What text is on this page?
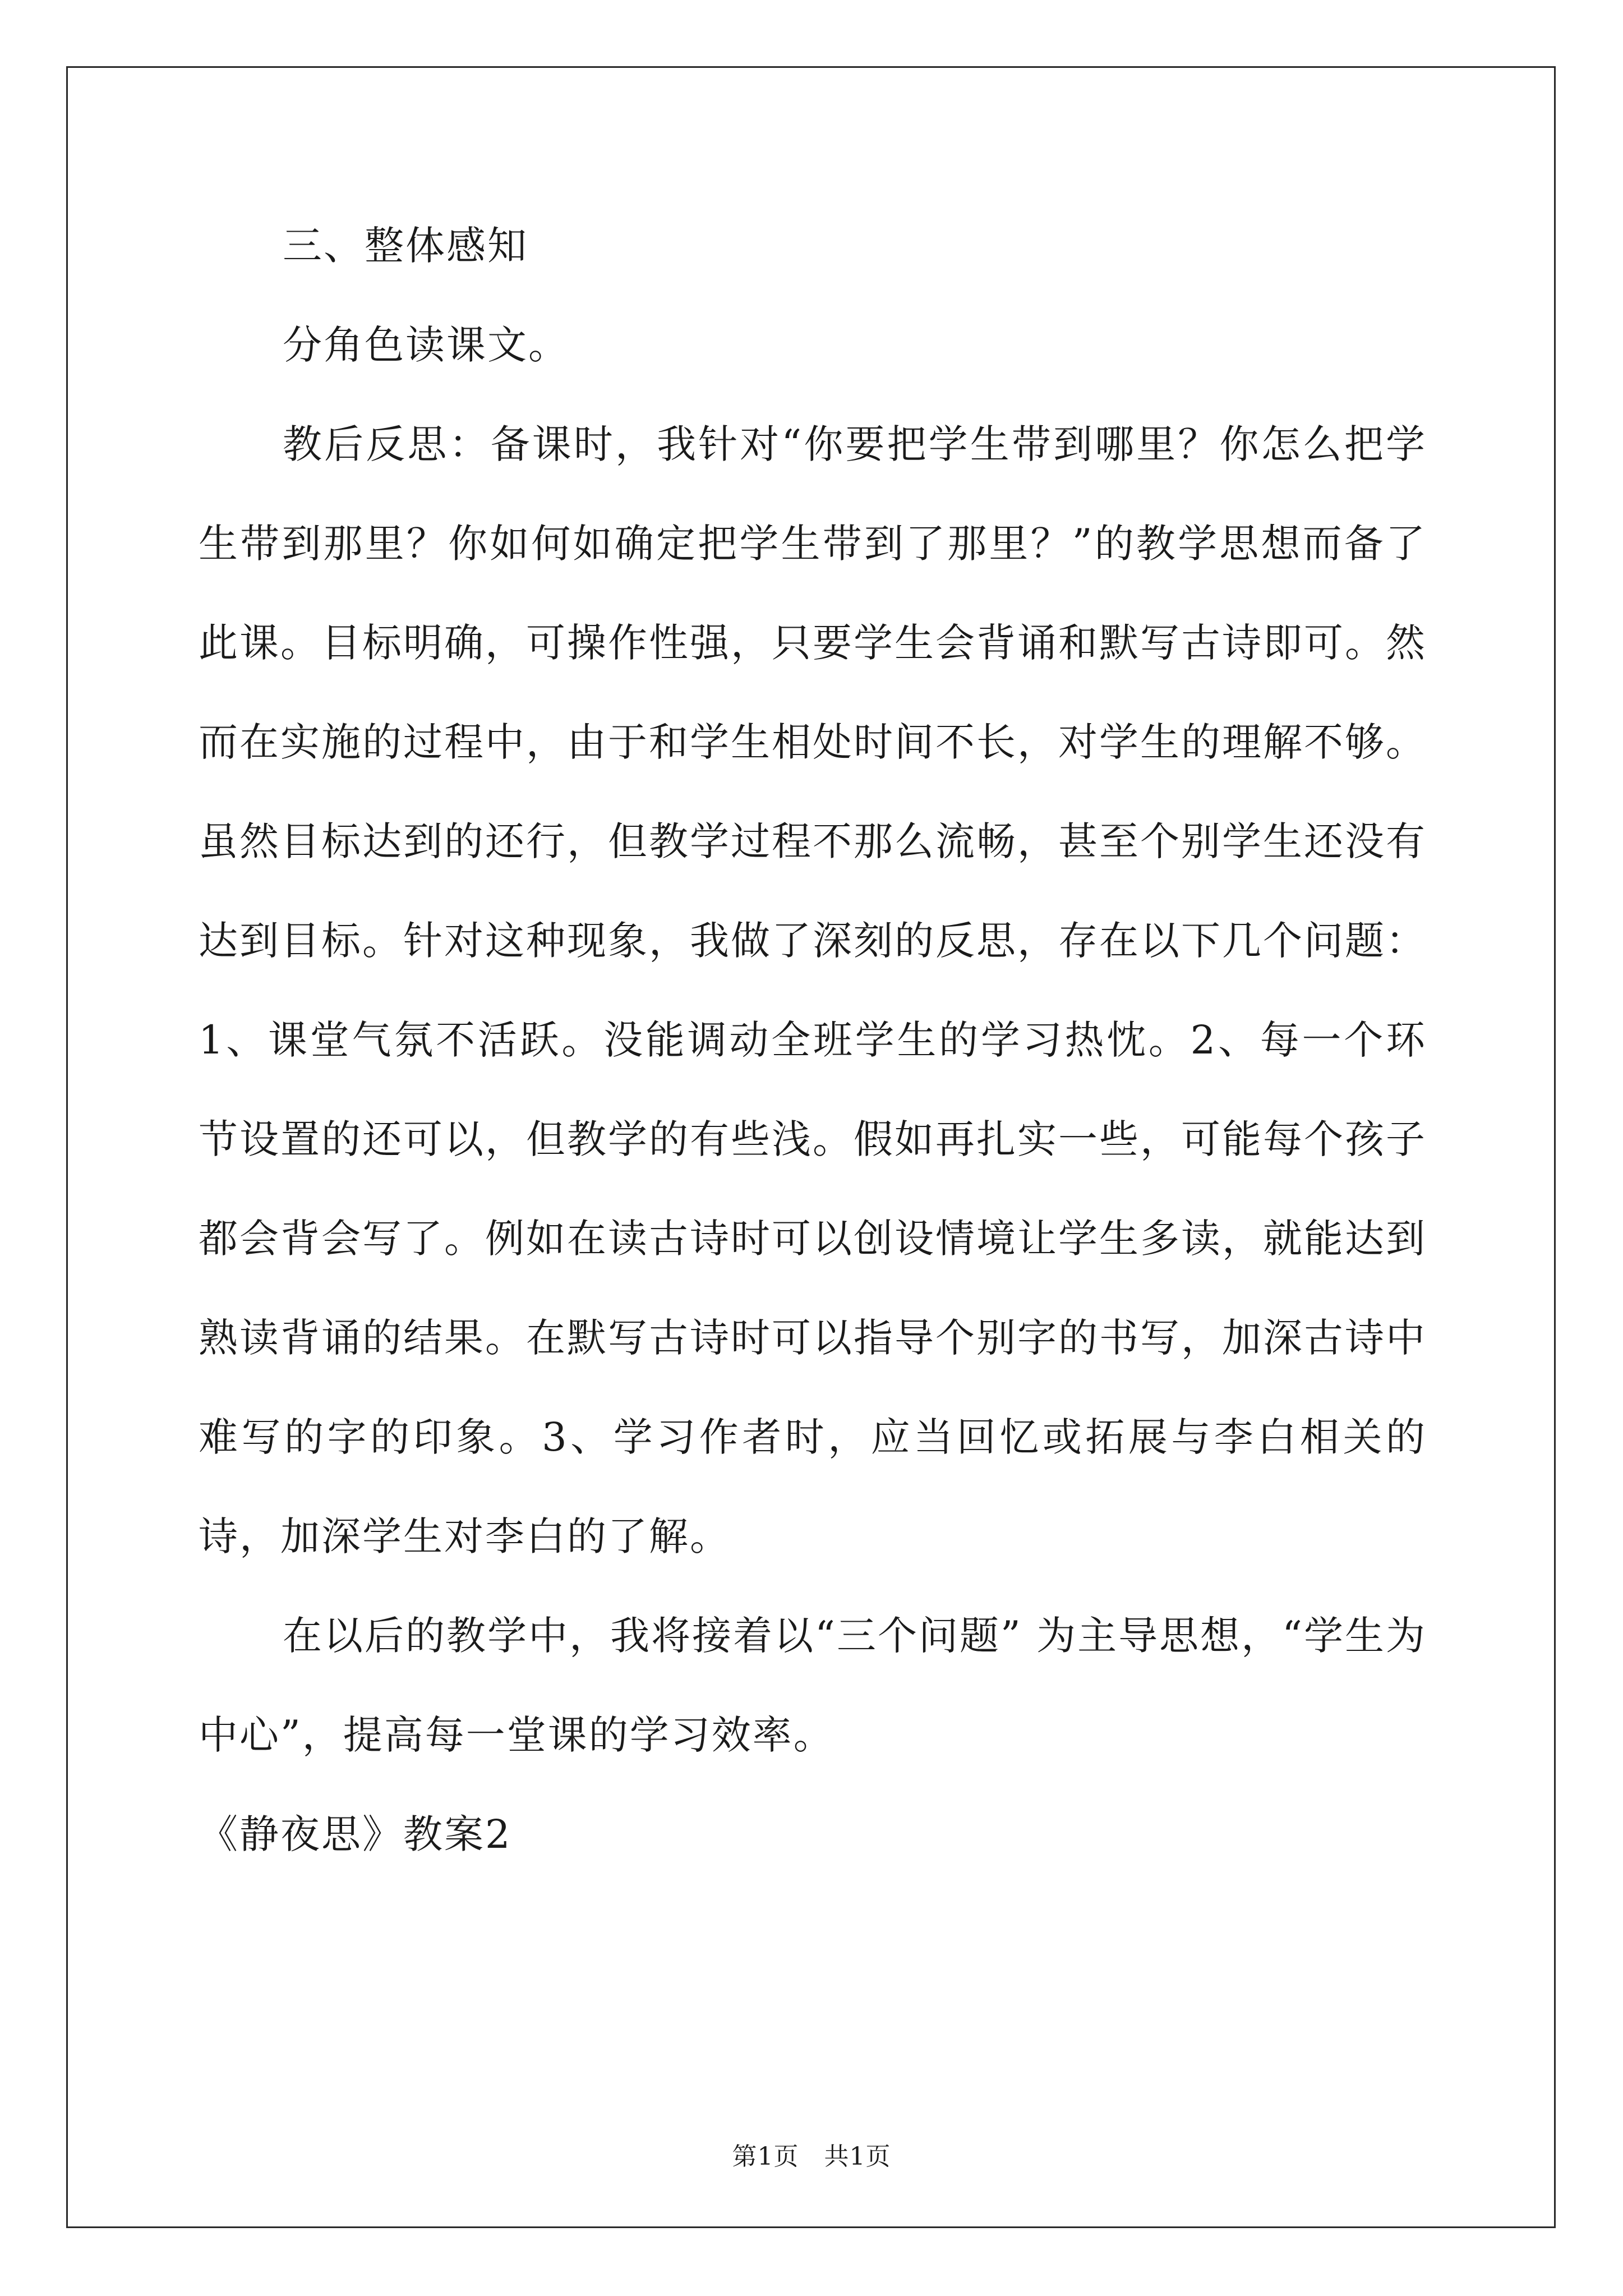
三、整体感知

分角色读课文。

教后反思：备课时，我针对“你要把学生带到哪里？你怎么把学生带到那里？你如何如确定把学生带到了那里？”的教学思想而备了此课。目标明确，可操作性强，只要学生会背诵和默写古诗即可。然而在实施的过程中，由于和学生相处时间不长，对学生的理解不够。虽然目标达到的还行，但教学过程不那么流畅，甚至个别学生还没有达到目标。针对这种现象，我做了深刻的反思，存在以下几个问题：1、课堂气氛不活跃。没能调动全班学生的学习热忱。2、每一个环节设置的还可以，但教学的有些浅。假如再扎实一些，可能每个孩子都会背会写了。例如在读古诗时可以创设情境让学生多读，就能达到熟读背诵的结果。在默写古诗时可以指导个别字的书写，加深古诗中难写的字的印象。3、学习作者时，应当回忆或拓展与李白相关的诗，加深学生对李白的了解。

在以后的教学中，我将接着以“三个问题” 为主导思想，“学生为中心”，提高每一堂课的学习效率。

《静夜思》教案2

第1页　共1页
